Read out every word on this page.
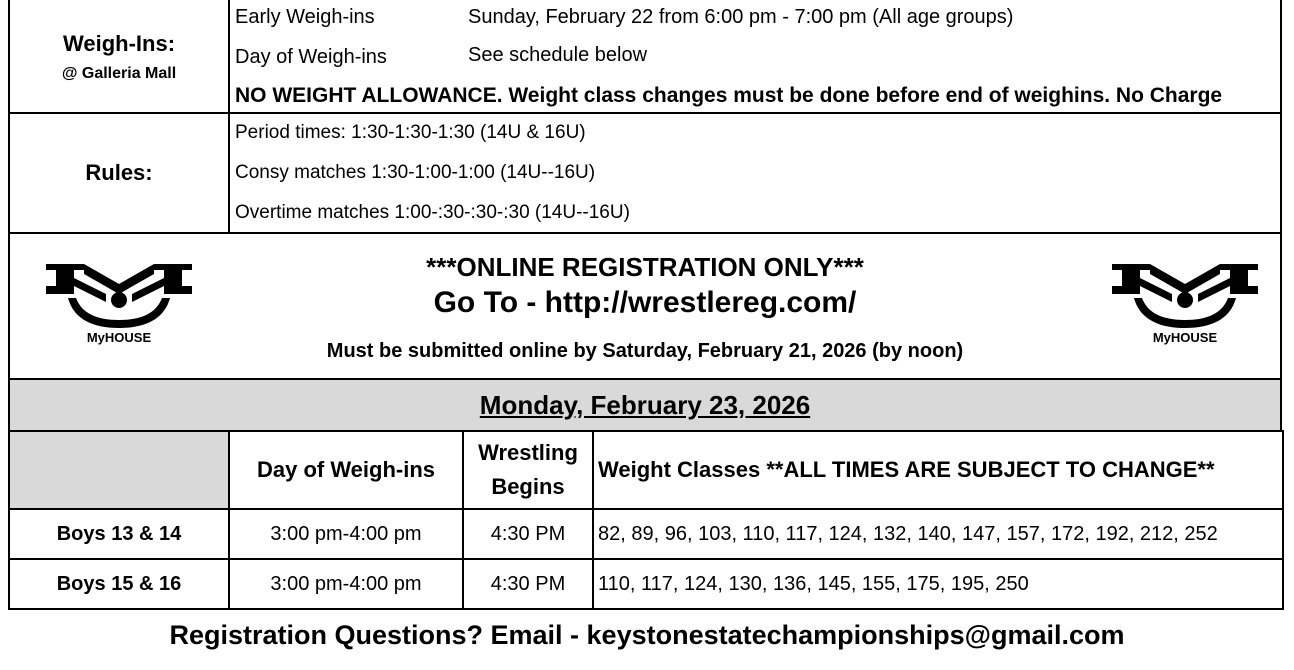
Weigh-Ins:
@ Galleria Mall
Early Weigh-ins	Sunday, February 22 from 6:00 pm - 7:00 pm (All age groups)
Day of Weigh-ins	See schedule below
NO WEIGHT ALLOWANCE. Weight class changes must be done before end of weighins. No Charge
Rules:
Period times: 1:30-1:30-1:30 (14U & 16U)
Consy matches 1:30-1:00-1:00 (14U--16U)
Overtime matches 1:00-:30-:30-:30 (14U--16U)
MyHOUSE
***ONLINE REGISTRATION ONLY***
Go To - http://wrestlereg.com/
Must be submitted online by Saturday, February 21, 2026 (by noon)
MyHOUSE
Monday, February 23, 2026
	Day of Weigh-ins	Wrestling
Begins	Weight Classes **ALL TIMES ARE SUBJECT TO CHANGE**
Boys 13 & 14	3:00 pm-4:00 pm	4:30 PM	82, 89, 96, 103, 110, 117, 124, 132, 140, 147, 157, 172, 192, 212, 252
Boys 15 & 16	3:00 pm-4:00 pm	4:30 PM	110, 117, 124, 130, 136, 145, 155, 175, 195, 250
Registration Questions? Email - keystonestatechampionships@gmail.com
